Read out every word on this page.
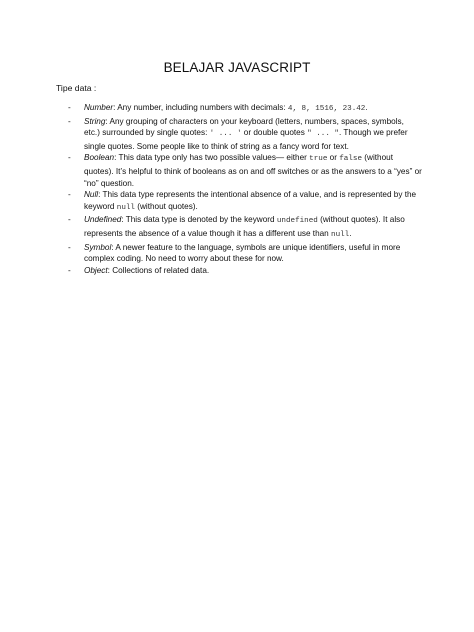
BELAJAR JAVASCRIPT
Tipe data :
- Number: Any number, including numbers with decimals: 4, 8, 1516, 23.42.
- String: Any grouping of characters on your keyboard (letters, numbers, spaces, symbols, etc.) surrounded by single quotes: ' ... ' or double quotes " ... ". Though we prefer single quotes. Some people like to think of string as a fancy word for text.
- Boolean: This data type only has two possible values— either true or false (without quotes). It’s helpful to think of booleans as on and off switches or as the answers to a “yes” or “no” question.
- Null: This data type represents the intentional absence of a value, and is represented by the keyword null (without quotes).
- Undefined: This data type is denoted by the keyword undefined (without quotes). It also represents the absence of a value though it has a different use than null.
- Symbol: A newer feature to the language, symbols are unique identifiers, useful in more complex coding. No need to worry about these for now.
- Object: Collections of related data.
